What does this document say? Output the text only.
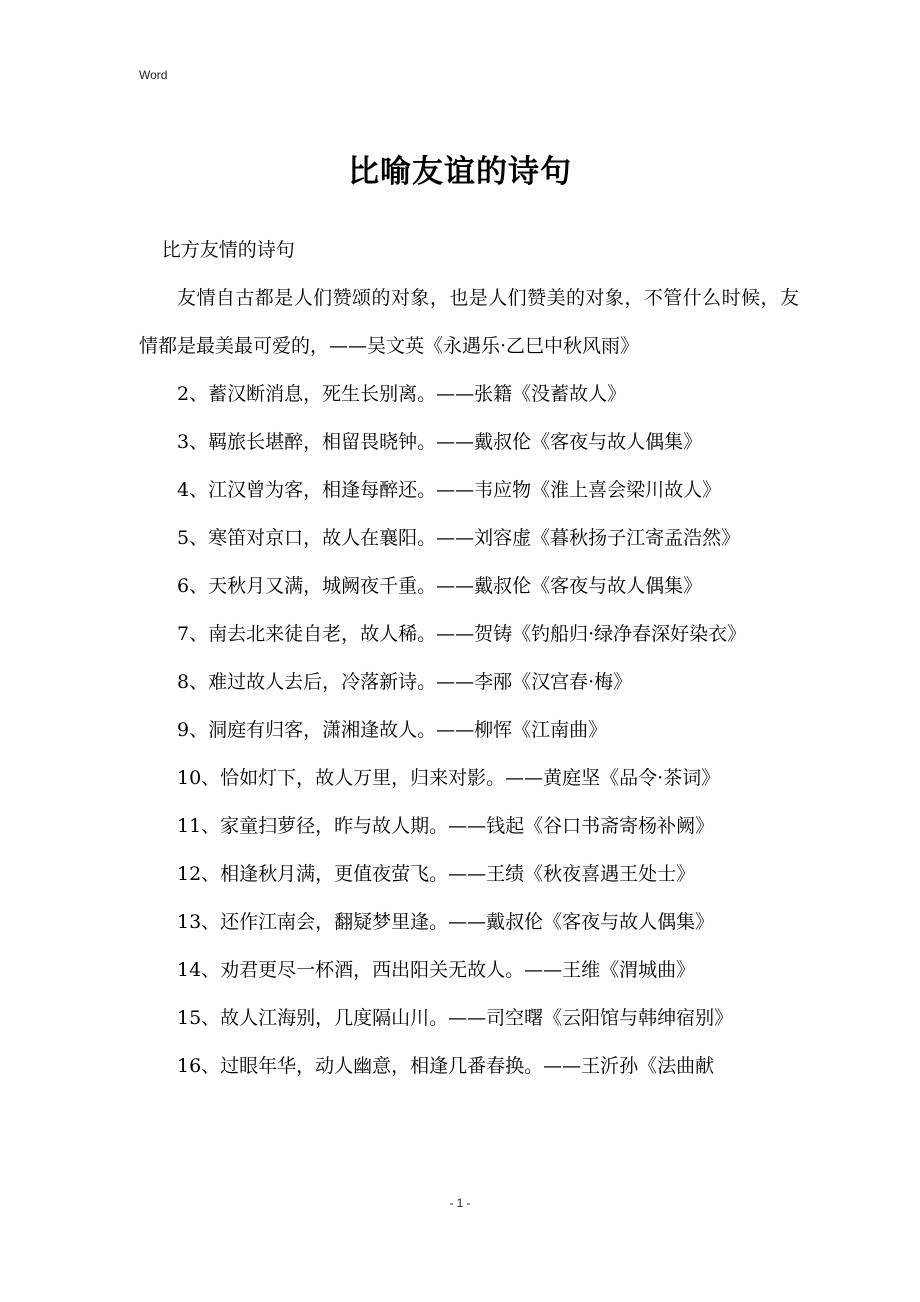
Word
比喻友谊的诗句

比方友情的诗句

友情自古都是人们赞颂的对象，也是人们赞美的对象，不管什么时候，友情都是最美最可爱的，——吴文英《永遇乐·乙巳中秋风雨》

2、蓄汉断消息，死生长别离。——张籍《没蓄故人》

3、羁旅长堪醉，相留畏晓钟。——戴叔伦《客夜与故人偶集》

4、江汉曾为客，相逢每醉还。——韦应物《淮上喜会梁川故人》

5、寒笛对京口，故人在襄阳。——刘容虚《暮秋扬子江寄孟浩然》

6、天秋月又满，城阙夜千重。——戴叔伦《客夜与故人偶集》

7、南去北来徒自老，故人稀。——贺铸《钓船归·绿净春深好染衣》

8、难过故人去后，冷落新诗。——李邴《汉宫春·梅》

9、洞庭有归客，潇湘逢故人。——柳恽《江南曲》

10、恰如灯下，故人万里，归来对影。——黄庭坚《品令·茶词》

11、家童扫萝径，昨与故人期。——钱起《谷口书斋寄杨补阙》

12、相逢秋月满，更值夜萤飞。——王绩《秋夜喜遇王处士》

13、还作江南会，翻疑梦里逢。——戴叔伦《客夜与故人偶集》

14、劝君更尽一杯酒，西出阳关无故人。——王维《渭城曲》

15、故人江海别，几度隔山川。——司空曙《云阳馆与韩绅宿别》

16、过眼年华，动人幽意，相逢几番春换。——王沂孙《法曲献

- 1 -
